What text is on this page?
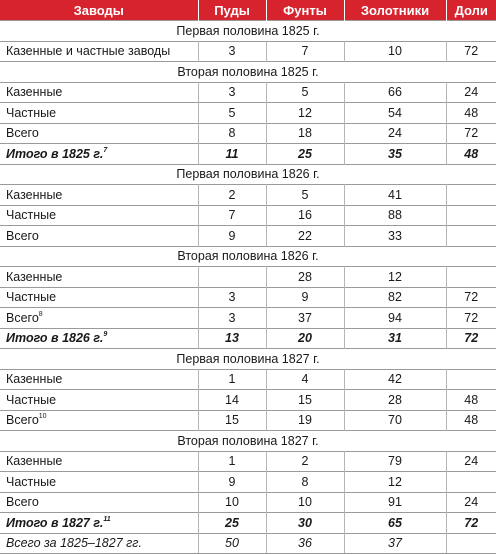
Заводы	Пуды	Фунты	Золотники	Доли
Первая половина 1825 г.				
Казенные и частные заводы	3	7	10	72
Вторая половина 1825 г.				
Казенные	3	5	66	24
Частные	5	12	54	48
Всего	8	18	24	72
Итого в 1825 г.$^7$	11	25	35	48
Первая половина 1826 г.				
Казенные	2	5	41	
Частные	7	16	88	
Всего	9	22	33	
Вторая половина 1826 г.				
Казенные		28	12	
Частные	3	9	82	72
Всего$^8$	3	37	94	72
Итого в 1826 г.$^9$	13	20	31	72
Первая половина 1827 г.				
Казенные	1	4	42	
Частные	14	15	28	48
Всего$^{10}$	15	19	70	48
Вторая половина 1827 г.				
Казенные	1	2	79	24
Частные	9	8	12	
Всего	10	10	91	24
Итого в 1827 г.$^{11}$	25	30	65	72
Всего за 1825–1827 гг.	50	36	37	
